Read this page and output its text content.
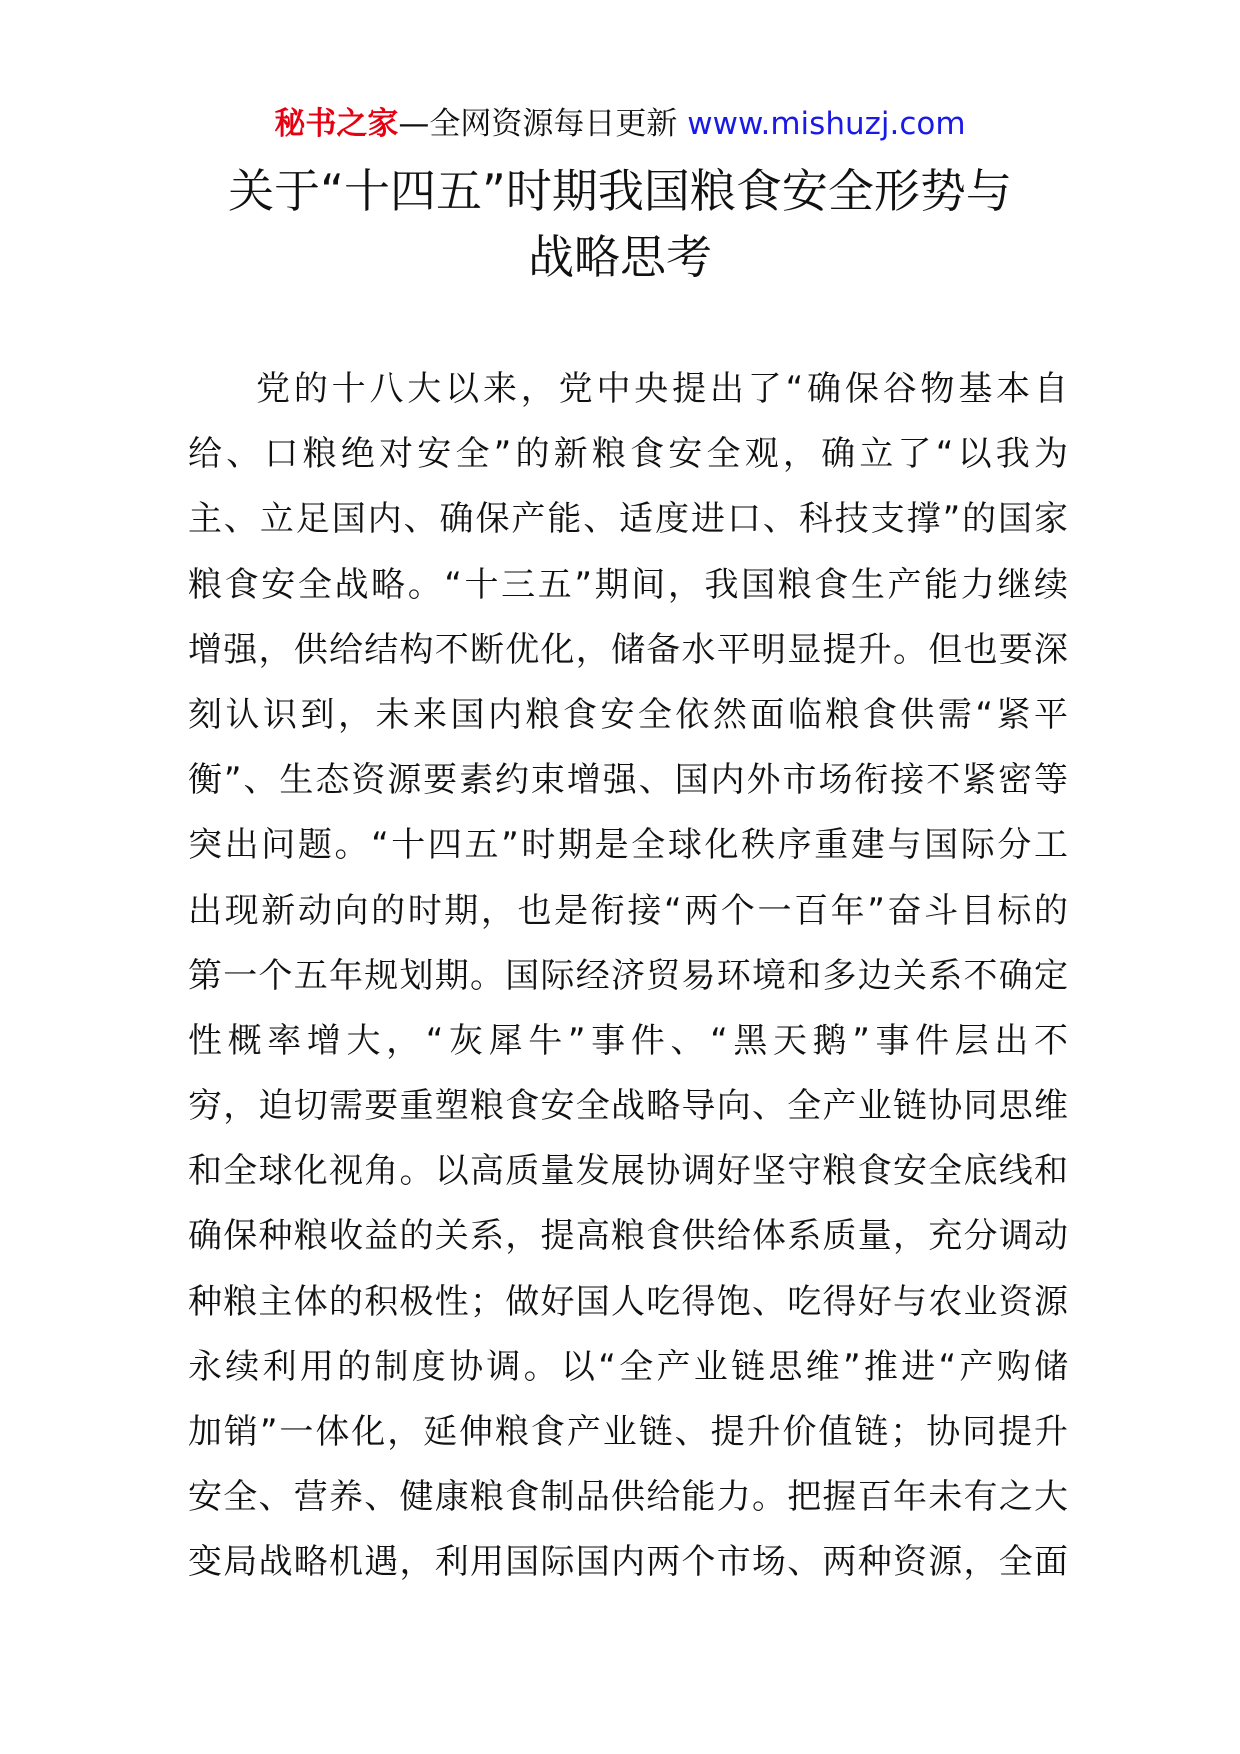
秘书之家—全网资源每日更新 www.mishuzj.com
关于“十四五”时期我国粮食安全形势与
战略思考
党的十八大以来，党中央提出了“确保谷物基本自
给、口粮绝对安全”的新粮食安全观，确立了“以我为
主、立足国内、确保产能、适度进口、科技支撑”的国家
粮食安全战略。“十三五”期间，我国粮食生产能力继续
增强，供给结构不断优化，储备水平明显提升。但也要深
刻认识到，未来国内粮食安全依然面临粮食供需“紧平
衡”、生态资源要素约束增强、国内外市场衔接不紧密等
突出问题。“十四五”时期是全球化秩序重建与国际分工
出现新动向的时期，也是衔接“两个一百年”奋斗目标的
第一个五年规划期。国际经济贸易环境和多边关系不确定
性概率增大，“灰犀牛”事件、“黑天鹅”事件层出不
穷，迫切需要重塑粮食安全战略导向、全产业链协同思维
和全球化视角。以高质量发展协调好坚守粮食安全底线和
确保种粮收益的关系，提高粮食供给体系质量，充分调动
种粮主体的积极性；做好国人吃得饱、吃得好与农业资源
永续利用的制度协调。以“全产业链思维”推进“产购储
加销”一体化，延伸粮食产业链、提升价值链；协同提升
安全、营养、健康粮食制品供给能力。把握百年未有之大
变局战略机遇，利用国际国内两个市场、两种资源，全面
